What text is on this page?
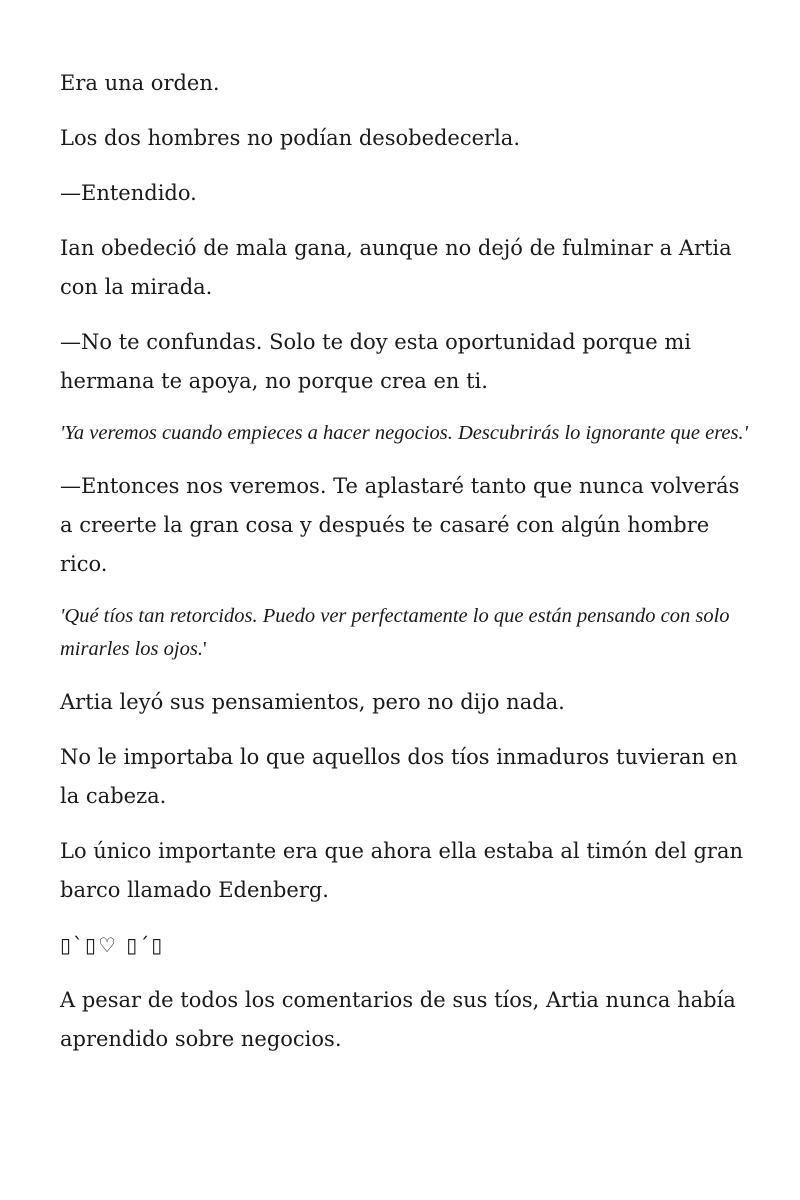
Era una orden.

Los dos hombres no podían desobedecerla.

—Entendido.

Ian obedeció de mala gana, aunque no dejó de fulminar a Artia con la mirada.

—No te confundas. Solo te doy esta oportunidad porque mi hermana te apoya, no porque crea en ti.

'Ya veremos cuando empieces a hacer negocios. Descubrirás lo ignorante que eres.'

—Entonces nos veremos. Te aplastaré tanto que nunca volverás a creerte la gran cosa y después te casaré con algún hombre rico.

'Qué tíos tan retorcidos. Puedo ver perfectamente lo que están pensando con solo mirarles los ojos.'

Artia leyó sus pensamientos, pero no dijo nada.

No le importaba lo que aquellos dos tíos inmaduros tuvieran en la cabeza.

Lo único importante era que ahora ella estaba al timón del gran barco llamado Edenberg.

▯`▯♡ ▯´▯

A pesar de todos los comentarios de sus tíos, Artia nunca había aprendido sobre negocios.
